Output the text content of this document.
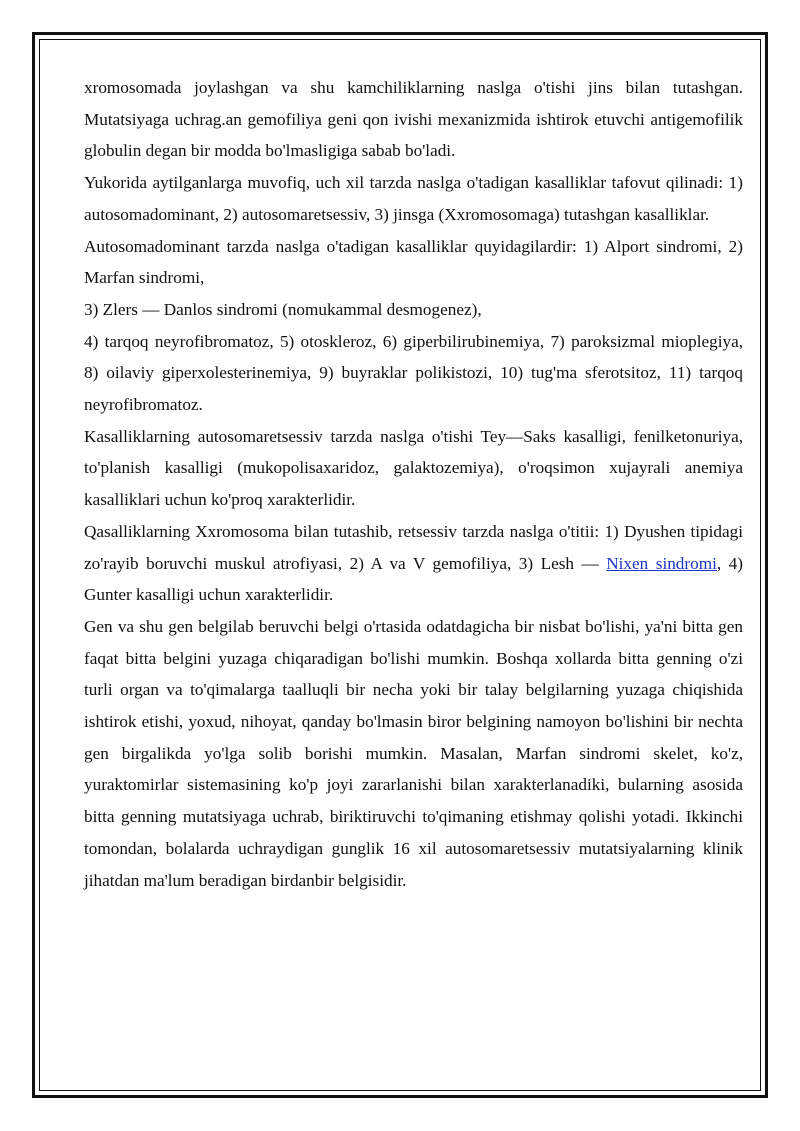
xromosomada joylashgan va shu kamchiliklarning naslga o'tishi jins bilan tutashgan. Mutatsiyaga uchrag.an gemofiliya geni qon ivishi mexanizmida ishtirok etuvchi antigemofilik globulin degan bir modda bo'lmasligiga sabab bo'ladi.

Yukorida aytilganlarga muvofiq, uch xil tarzda naslga o'tadigan kasalliklar tafovut qilinadi: 1) autosomadominant, 2) autosomaretsessiv, 3) jinsga (Xxromosomaga) tutashgan kasalliklar.

Autosomadominant tarzda naslga o'tadigan kasalliklar quyidagilardir: 1) Alport sindromi, 2) Marfan sindromi,

3) Zlers — Danlos sindromi (nomukammal desmogenez),

4) tarqoq neyrofibromatoz, 5) otoskleroz, 6) giperbilirubinemiya, 7) paroksizmal mioplegiya, 8) oilaviy giperxolesterinemiya, 9) buyraklar polikistozi, 10) tug'ma sferotsitoz, 11) tarqoq neyrofibromatoz.

Kasalliklarning autosomaretsessiv tarzda naslga o'tishi Tey—Saks kasalligi, fenilketonuriya, to'planish kasalligi (mukopolisaxaridoz, galaktozemiya), o'roqsimon xujayrali anemiya kasalliklari uchun ko'proq xarakterlidir.

Qasalliklarning Xxromosoma bilan tutashib, retsessiv tarzda naslga o'titii: 1) Dyushen tipidagi zo'rayib boruvchi muskul atrofiyasi, 2) A va V gemofiliya, 3) Lesh — Nixen sindromi, 4) Gunter kasalligi uchun xarakterlidir.

Gen va shu gen belgilab beruvchi belgi o'rtasida odatdagicha bir nisbat bo'lishi, ya'ni bitta gen faqat bitta belgini yuzaga chiqaradigan bo'lishi mumkin. Boshqa xollarda bitta genning o'zi turli organ va to'qimalarga taalluqli bir necha yoki bir talay belgilarning yuzaga chiqishida ishtirok etishi, yoxud, nihoyat, qanday bo'lmasin biror belgining namoyon bo'lishini bir nechta gen birgalikda yo'lga solib borishi mumkin. Masalan, Marfan sindromi skelet, ko'z, yuraktomirlar sistemasining ko'p joyi zararlanishi bilan xarakterlanadiki, bularning asosida bitta genning mutatsiyaga uchrab, biriktiruvchi to'qimaning etishmay qolishi yotadi. Ikkinchi tomondan, bolalarda uchraydigan gunglik 16 xil autosomaretsessiv mutatsiyalarning klinik jihatdan ma'lum beradigan birdanbir belgisidir.
